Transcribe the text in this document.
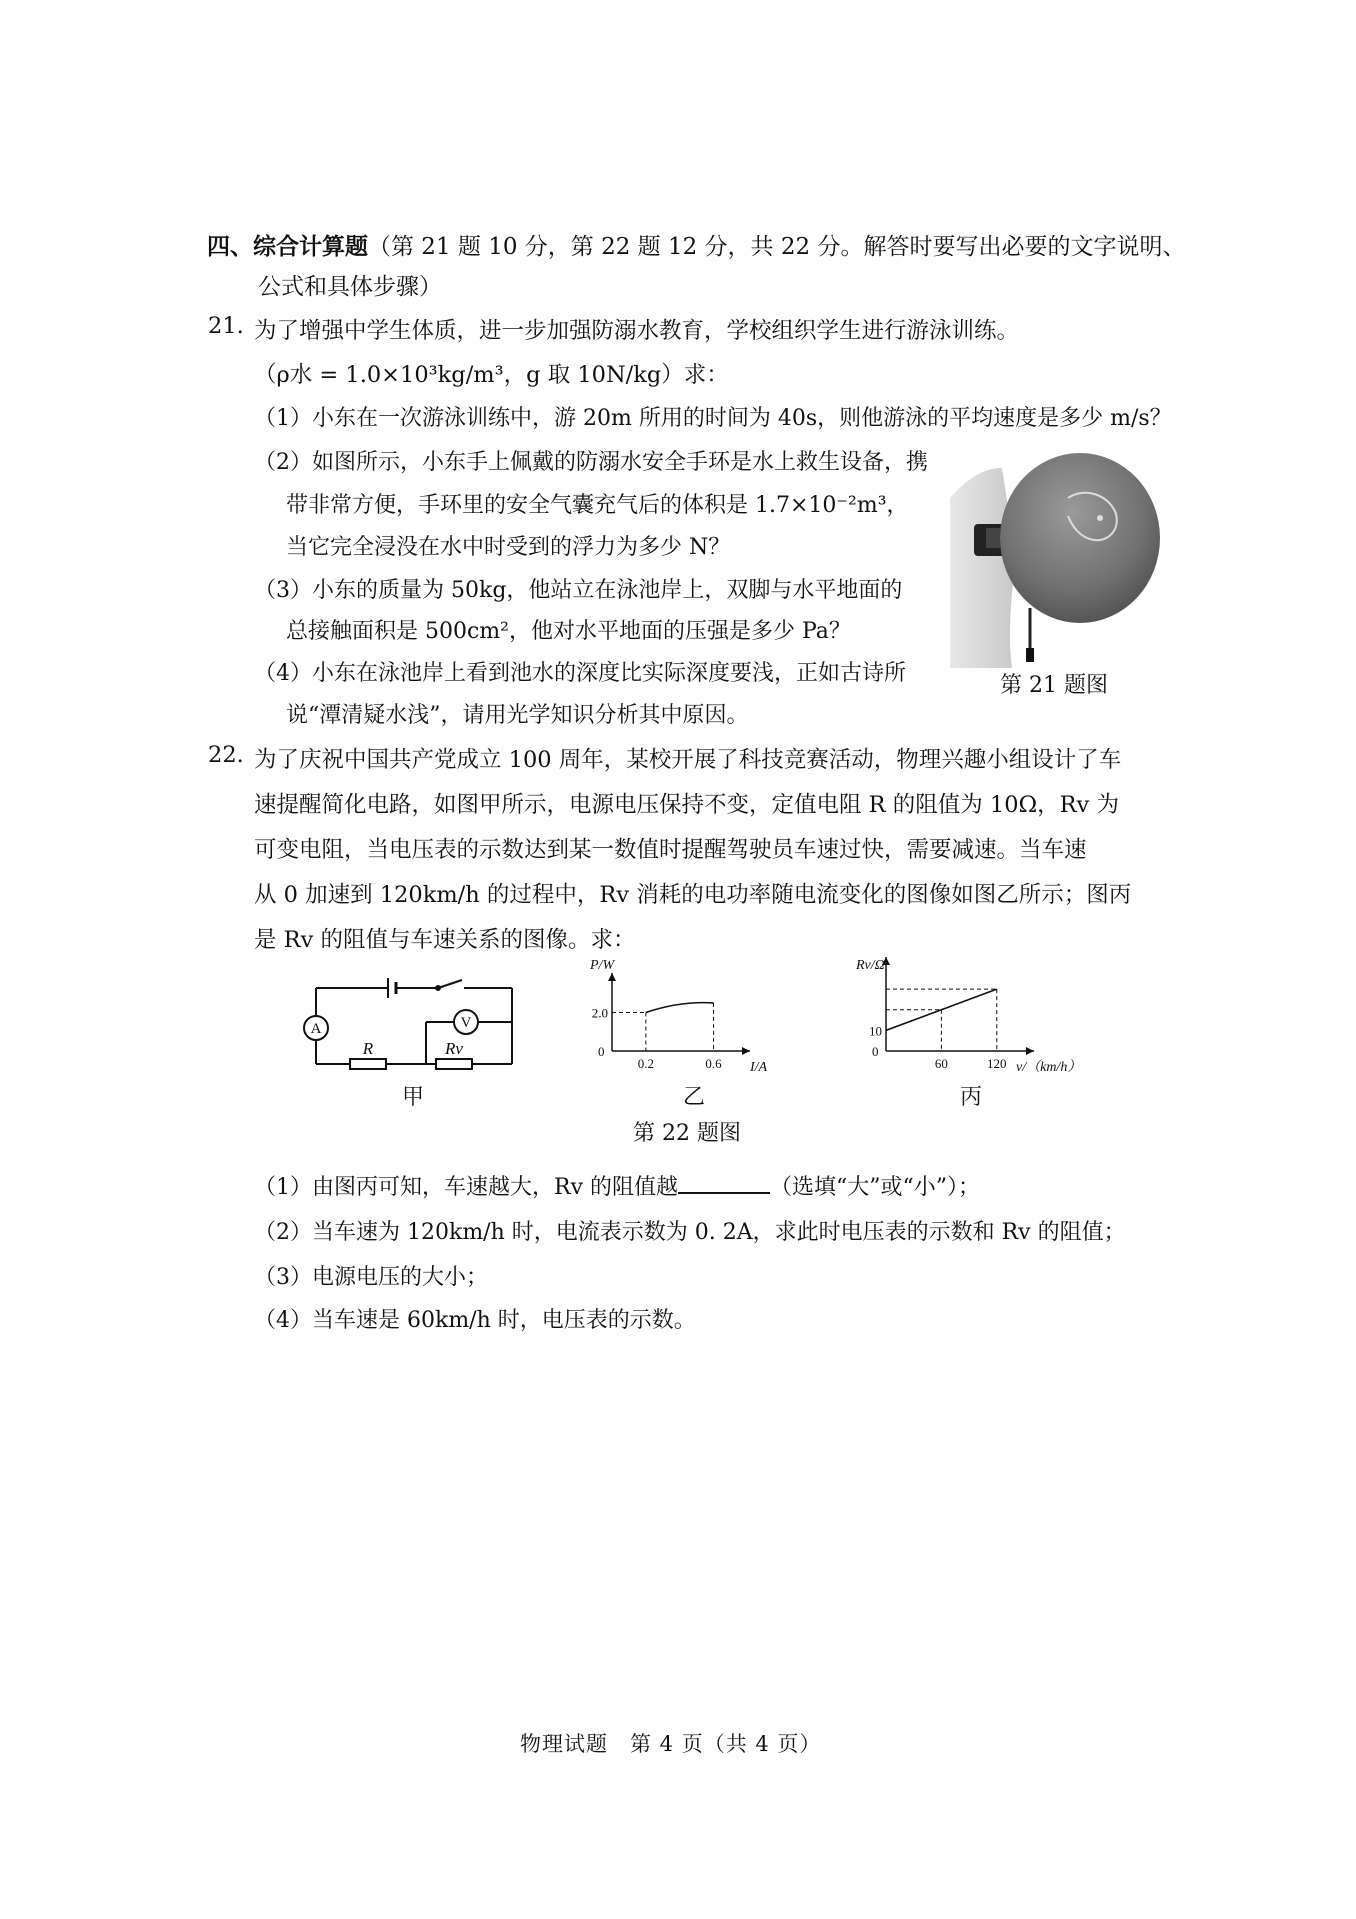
四、综合计算题（第 21 题 10 分，第 22 题 12 分，共 22 分。解答时要写出必要的文字说明、
公式和具体步骤）
21. 为了增强中学生体质，进一步加强防溺水教育，学校组织学生进行游泳训练。
（ρ水 = 1.0×10³kg/m³，g 取 10N/kg）求：
（1）小东在一次游泳训练中，游 20m 所用的时间为 40s，则他游泳的平均速度是多少 m/s？
（2）如图所示，小东手上佩戴的防溺水安全手环是水上救生设备，携
带非常方便，手环里的安全气囊充气后的体积是 1.7×10⁻²m³，
当它完全浸没在水中时受到的浮力为多少 N？
（3）小东的质量为 50kg，他站立在泳池岸上，双脚与水平地面的
总接触面积是 500cm²，他对水平地面的压强是多少 Pa？
（4）小东在泳池岸上看到池水的深度比实际深度要浅，正如古诗所
说“潭清疑水浅”，请用光学知识分析其中原因。
第 21 题图
22. 为了庆祝中国共产党成立 100 周年，某校开展了科技竞赛活动，物理兴趣小组设计了车
速提醒简化电路，如图甲所示，电源电压保持不变，定值电阻 R 的阻值为 10Ω，Rv 为
可变电阻，当电压表的示数达到某一数值时提醒驾驶员车速过快，需要减速。当车速
从 0 加速到 120km/h 的过程中，Rv 消耗的电功率随电流变化的图像如图乙所示；图丙
是 Rv 的阻值与车速关系的图像。求：
A	V
R	Rv
甲
P/W
I/A
0
0.2	0.6
2.0
乙
Rv/Ω
v/（km/h）
0
60	120
10
丙
第 22 题图
（1）由图丙可知，车速越大，Rv 的阻值越	（选填“大”或“小”）；
（2）当车速为 120km/h 时，电流表示数为 0. 2A，求此时电压表的示数和 Rv 的阻值；
（3）电源电压的大小；
（4）当车速是 60km/h 时，电压表的示数。
物理试题　第 4 页（共 4 页）
